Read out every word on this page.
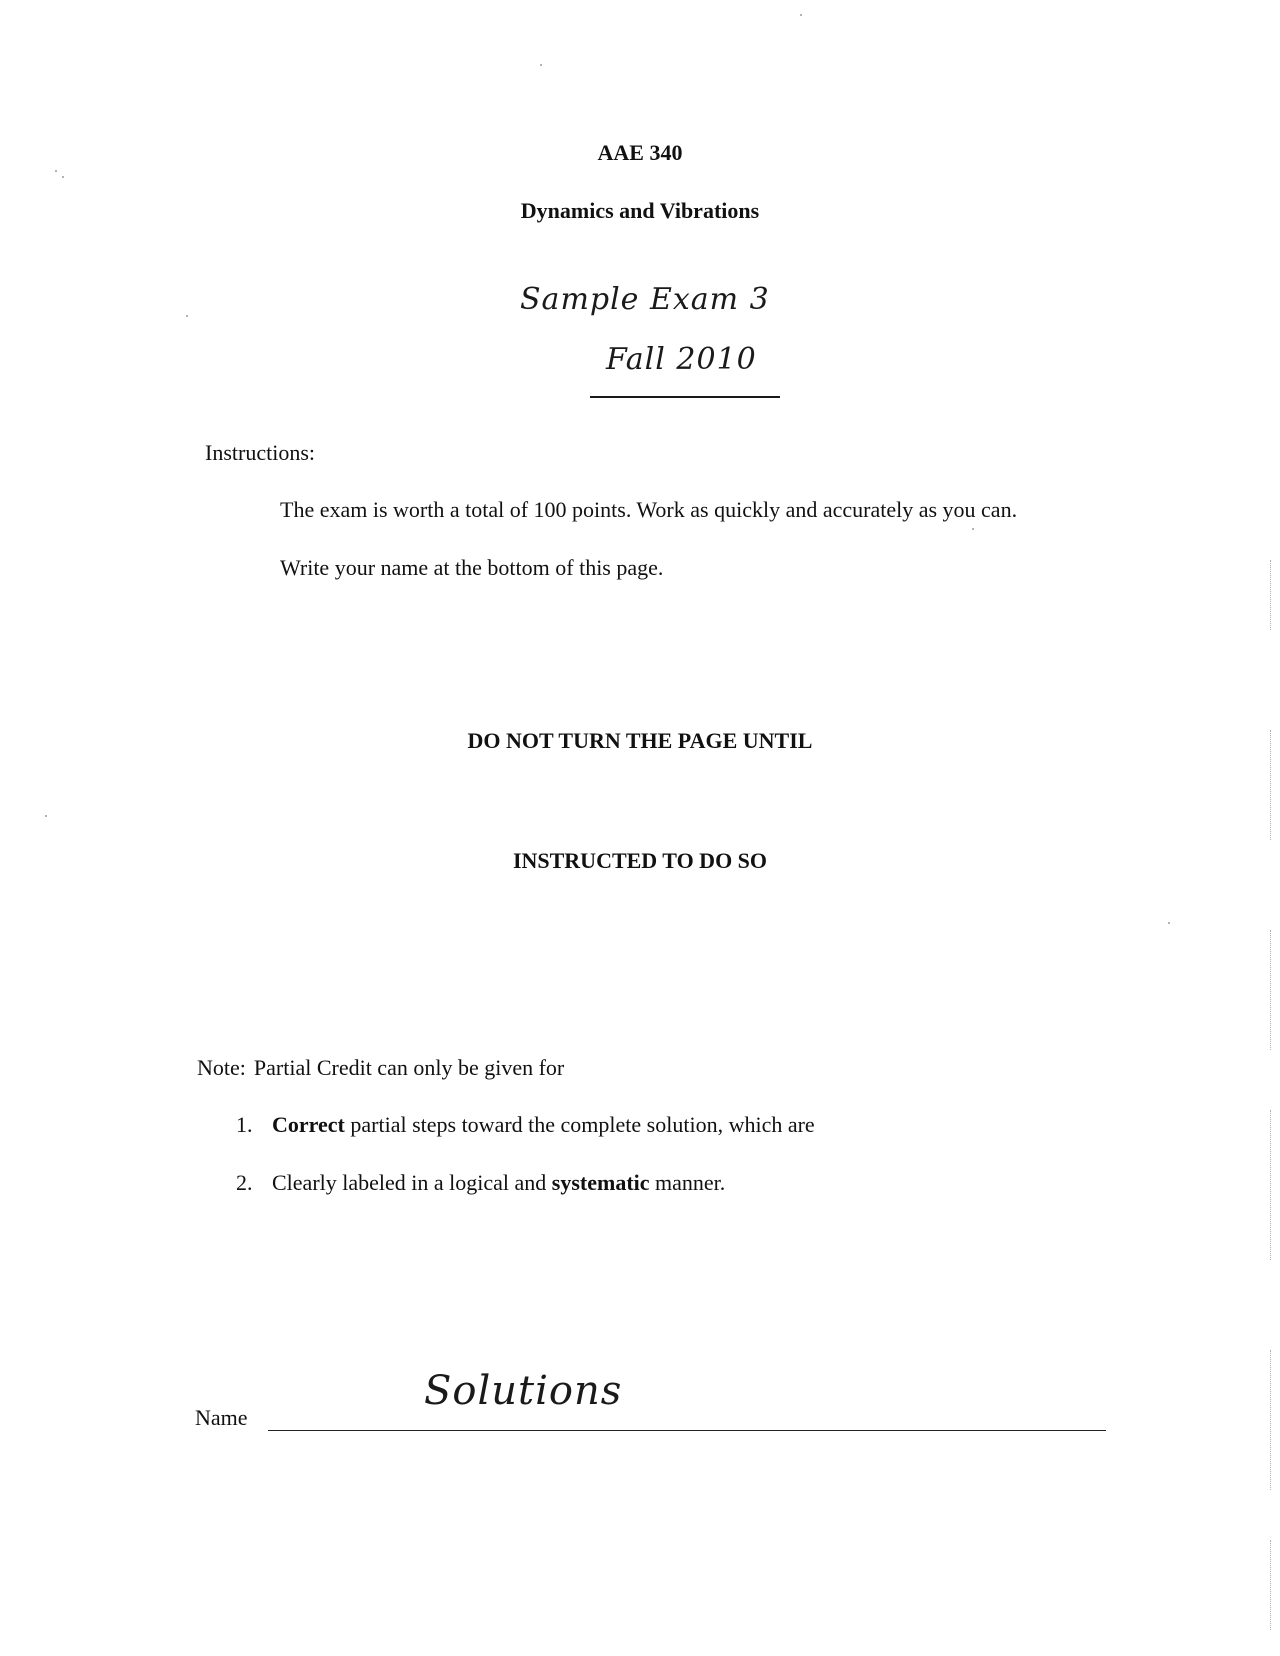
AAE 340
Dynamics and Vibrations
Sample Exam 3
Fall 2010
Instructions:
The exam is worth a total of 100 points. Work as quickly and accurately as you can.
Write your name at the bottom of this page.
DO NOT TURN THE PAGE UNTIL
INSTRUCTED TO DO SO
Note: Partial Credit can only be given for
1. Correct partial steps toward the complete solution, which are
2. Clearly labeled in a logical and systematic manner.
Name
Solutions
